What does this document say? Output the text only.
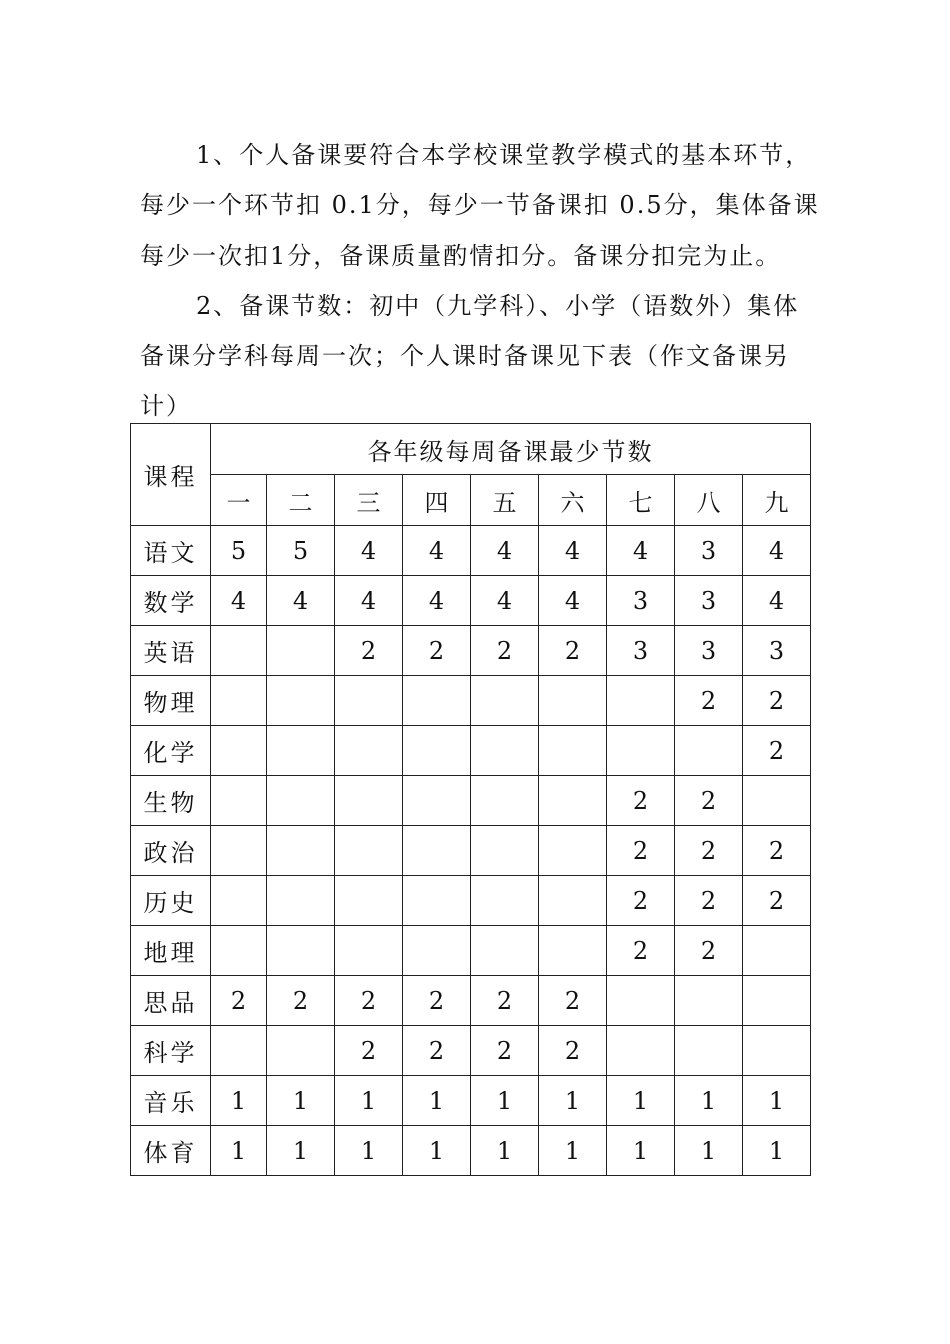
1、个人备课要符合本学校课堂教学模式的基本环节，
每少一个环节扣 0.1分，每少一节备课扣 0.5分，集体备课
每少一次扣1分，备课质量酌情扣分。备课分扣完为止。
2、备课节数：初中（九学科）、小学（语数外）集体
备课分学科每周一次；个人课时备课见下表（作文备课另
计）
课程	各年级每周备课最少节数								
	一	二	三	四	五	六	七	八	九
语文	5	5	4	4	4	4	4	3	4
数学	4	4	4	4	4	4	3	3	4
英语			2	2	2	2	3	3	3
物理								2	2
化学									2
生物							2	2	
政治							2	2	2
历史							2	2	2
地理							2	2	
思品	2	2	2	2	2	2			
科学			2	2	2	2			
音乐	1	1	1	1	1	1	1	1	1
体育	1	1	1	1	1	1	1	1	1
